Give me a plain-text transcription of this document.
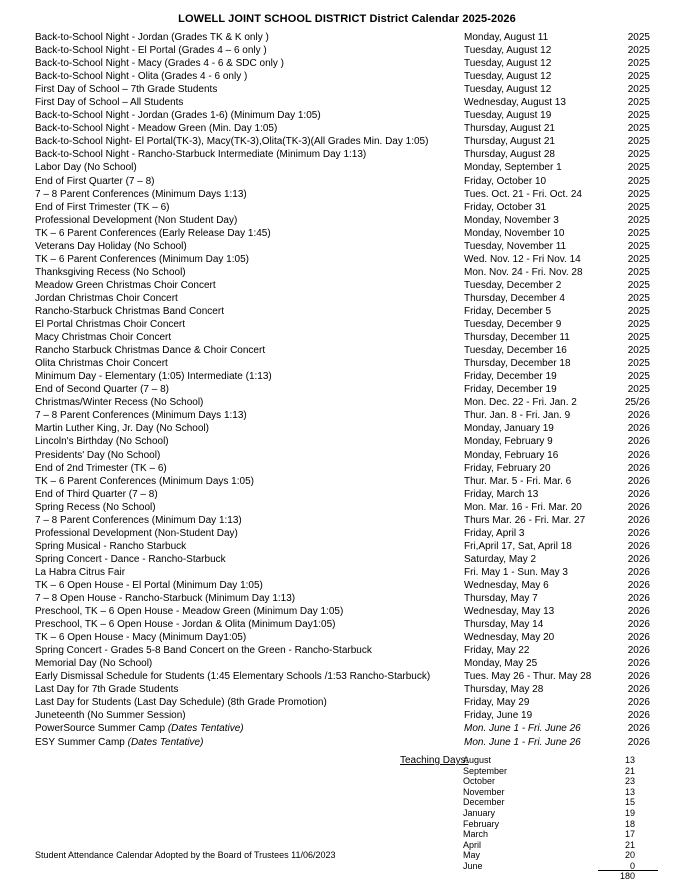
LOWELL JOINT SCHOOL DISTRICT District Calendar 2025-2026
Back-to-School Night - Jordan (Grades TK & K only )	Monday, August 11	2025
Back-to-School Night - El Portal (Grades 4 – 6 only )	Tuesday, August 12	2025
Back-to-School Night - Macy (Grades 4 - 6 & SDC only )	Tuesday, August 12	2025
Back-to-School Night - Olita (Grades 4 - 6 only )	Tuesday, August 12	2025
First Day of School – 7th Grade Students	Tuesday, August 12	2025
First Day of School – All Students	Wednesday, August 13	2025
Back-to-School Night - Jordan (Grades 1-6) (Minimum Day 1:05)	Tuesday, August 19	2025
Back-to-School Night - Meadow Green (Min. Day 1:05)	Thursday, August 21	2025
Back-to-School Night- El Portal(TK-3), Macy(TK-3),Olita(TK-3)(All Grades Min. Day 1:05)	Thursday, August 21	2025
Back-to-School Night - Rancho-Starbuck Intermediate (Minimum Day 1:13)	Thursday, August 28	2025
Labor Day (No School)	Monday, September 1	2025
End of First Quarter (7 – 8)	Friday, October 10	2025
7 – 8 Parent Conferences (Minimum Days 1:13)	Tues. Oct. 21 - Fri. Oct. 24	2025
End of First Trimester (TK – 6)	Friday, October 31	2025
Professional Development (Non Student Day)	Monday, November 3	2025
TK – 6 Parent Conferences (Early Release Day 1:45)	Monday, November 10	2025
Veterans Day Holiday (No School)	Tuesday, November 11	2025
TK – 6 Parent Conferences (Minimum Day 1:05)	Wed. Nov. 12 - Fri Nov. 14	2025
Thanksgiving Recess (No School)	Mon. Nov. 24 - Fri. Nov. 28	2025
Meadow Green Christmas Choir Concert	Tuesday, December 2	2025
Jordan Christmas Choir Concert	Thursday, December 4	2025
Rancho-Starbuck Christmas Band Concert	Friday, December 5	2025
El Portal Christmas Choir Concert	Tuesday, December 9	2025
Macy Christmas Choir Concert	Thursday, December 11	2025
Rancho Starbuck Christmas Dance & Choir Concert	Tuesday, December 16	2025
Olita Christmas Choir Concert	Thursday, December 18	2025
Minimum Day - Elementary (1:05) Intermediate (1:13)	Friday, December 19	2025
End of Second Quarter (7 – 8)	Friday, December 19	2025
Christmas/Winter Recess (No School)	Mon. Dec. 22 - Fri. Jan. 2	25/26
7 – 8 Parent Conferences (Minimum Days 1:13)	Thur. Jan. 8 - Fri. Jan. 9	2026
Martin Luther King, Jr. Day (No School)	Monday, January 19	2026
Lincoln's Birthday (No School)	Monday, February 9	2026
Presidents' Day (No School)	Monday, February 16	2026
End of 2nd Trimester (TK – 6)	Friday, February 20	2026
TK – 6 Parent Conferences (Minimum Days 1:05)	Thur. Mar. 5 - Fri. Mar. 6	2026
End of Third Quarter (7 – 8)	Friday, March 13	2026
Spring Recess (No School)	Mon. Mar. 16 - Fri. Mar. 20	2026
7 – 8 Parent Conferences (Minimum Day 1:13)	Thurs Mar. 26 - Fri. Mar. 27	2026
Professional Development (Non-Student Day)	Friday, April 3	2026
Spring Musical - Rancho Starbuck	Fri,April 17, Sat, April 18	2026
Spring Concert - Dance - Rancho-Starbuck	Saturday, May 2	2026
La Habra Citrus Fair	Fri. May 1 - Sun. May 3	2026
TK – 6 Open House - El Portal (Minimum Day 1:05)	Wednesday, May 6	2026
7 – 8 Open House - Rancho-Starbuck (Minimum Day 1:13)	Thursday, May 7	2026
Preschool, TK – 6 Open House - Meadow Green (Minimum Day 1:05)	Wednesday, May 13	2026
Preschool, TK – 6 Open House - Jordan & Olita (Minimum Day1:05)	Thursday, May 14	2026
TK – 6 Open House - Macy (Minimum Day1:05)	Wednesday, May 20	2026
Spring Concert - Grades 5-8 Band Concert on the Green - Rancho-Starbuck	Friday, May 22	2026
Memorial Day (No School)	Monday, May 25	2026
Early Dismissal Schedule for Students (1:45 Elementary Schools /1:53 Rancho-Starbuck)	Tues. May 26 - Thur. May 28	2026
Last Day for 7th Grade Students	Thursday, May 28	2026
Last Day for Students (Last Day Schedule) (8th Grade Promotion)	Friday, May 29	2026
Juneteenth (No Summer Session)	Friday, June 19	2026
PowerSource Summer Camp (Dates Tentative)	Mon. June 1 - Fri. June 26	2026
ESY Summer Camp (Dates Tentative)	Mon. June 1 - Fri. June 26	2026
Teaching Days:
August	13
September	21
October	23
November	13
December	15
January	19
February	18
March	17
April	21
May	20
June	0
180
Student Attendance Calendar Adopted by the Board of Trustees 11/06/2023
